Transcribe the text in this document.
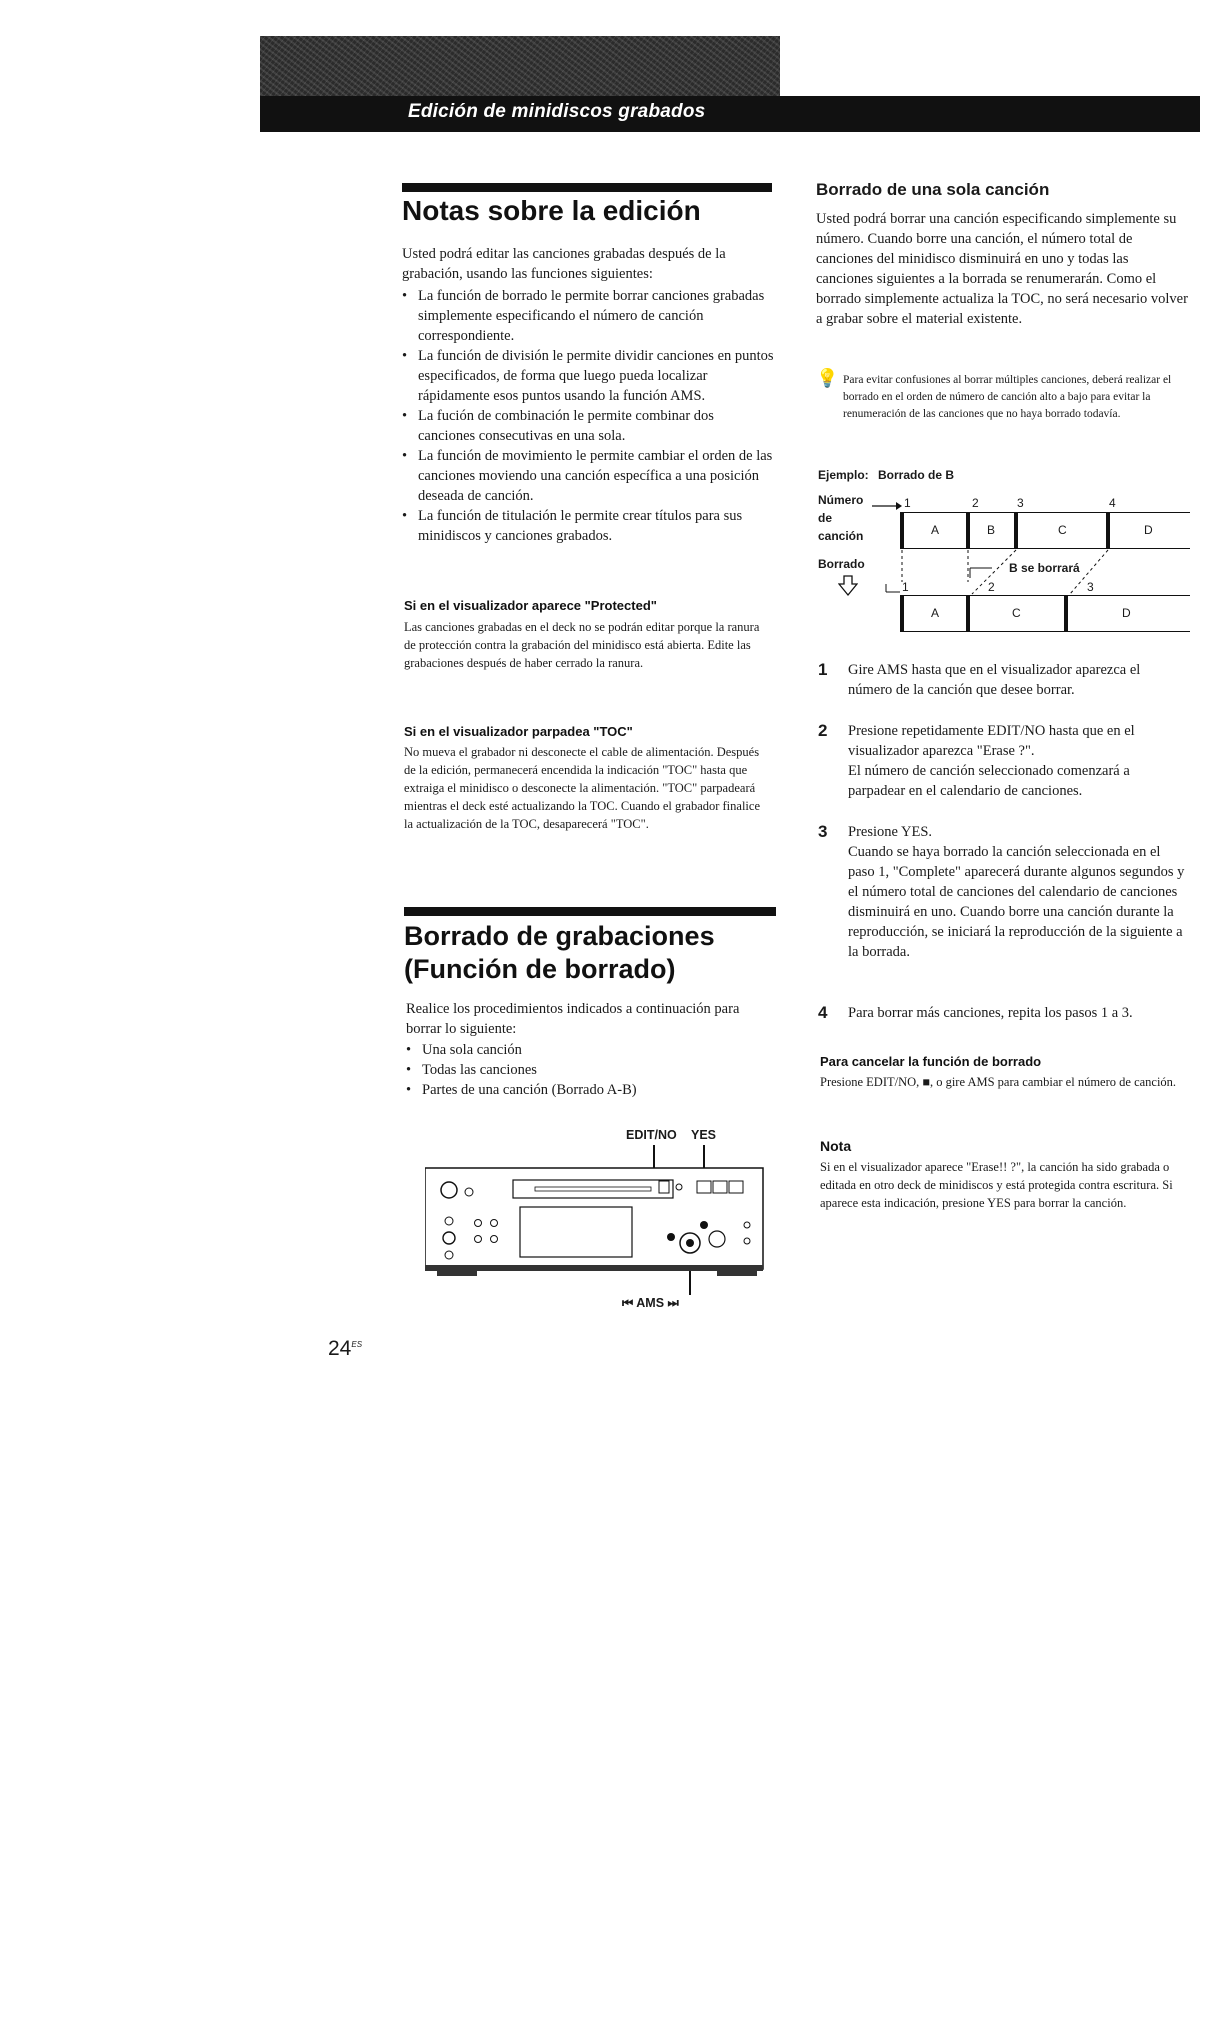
Edición de minidiscos grabados
Notas sobre la edición
Usted podrá editar las canciones grabadas después de la grabación, usando las funciones siguientes:
• La función de borrado le permite borrar canciones grabadas simplemente especificando el número de canción correspondiente.
• La función de división le permite dividir canciones en puntos especificados, de forma que luego pueda localizar rápidamente esos puntos usando la función AMS.
• La fución de combinación le permite combinar dos canciones consecutivas en una sola.
• La función de movimiento le permite cambiar el orden de las canciones moviendo una canción específica a una posición deseada de canción.
• La función de titulación le permite crear títulos para sus minidiscos y canciones grabados.
Si en el visualizador aparece "Protected"
Las canciones grabadas en el deck no se podrán editar porque la ranura de protección contra la grabación del minidisco está abierta. Edite las grabaciones después de haber cerrado la ranura.
Si en el visualizador parpadea "TOC"
No mueva el grabador ni desconecte el cable de alimentación. Después de la edición, permanecerá encendida la indicación "TOC" hasta que extraiga el minidisco o desconecte la alimentación. "TOC" parpadeará mientras el deck esté actualizando la TOC. Cuando el grabador finalice la actualización de la TOC, desaparecerá "TOC".
Borrado de grabaciones
(Función de borrado)
Realice los procedimientos indicados a continuación para borrar lo siguiente:
• Una sola canción
• Todas las canciones
• Partes de una canción (Borrado A-B)
EDIT/NO YES
⏮ AMS ⏭
$24^{ES}$
Borrado de una sola canción
Usted podrá borrar una canción especificando simplemente su número. Cuando borre una canción, el número total de canciones del minidisco disminuirá en uno y todas las canciones siguientes a la borrada se renumerarán. Como el borrado simplemente actualiza la TOC, no será necesario volver a grabar sobre el material existente.
💡 Para evitar confusiones al borrar múltiples canciones, deberá realizar el borrado en el orden de número de canción alto a bajo para evitar la renumeración de las canciones que no haya borrado todavía.
Ejemplo: Borrado de B
Número
de
canción
Borrado
1	2	3	4
A	B	C	D
B se borrará
1	2	3
A	C	D
1 Gire AMS hasta que en el visualizador aparezca el número de la canción que desee borrar.
2 Presione repetidamente EDIT/NO hasta que en el visualizador aparezca "Erase ?".
El número de canción seleccionado comenzará a parpadear en el calendario de canciones.
3 Presione YES.
Cuando se haya borrado la canción seleccionada en el paso 1, "Complete" aparecerá durante algunos segundos y el número total de canciones del calendario de canciones disminuirá en uno. Cuando borre una canción durante la reproducción, se iniciará la reproducción de la siguiente a la borrada.
4 Para borrar más canciones, repita los pasos 1 a 3.
Para cancelar la función de borrado
Presione EDIT/NO, ■, o gire AMS para cambiar el número de canción.
Nota
Si en el visualizador aparece "Erase!! ?", la canción ha sido grabada o editada en otro deck de minidiscos y está protegida contra escritura. Si aparece esta indicación, presione YES para borrar la canción.
